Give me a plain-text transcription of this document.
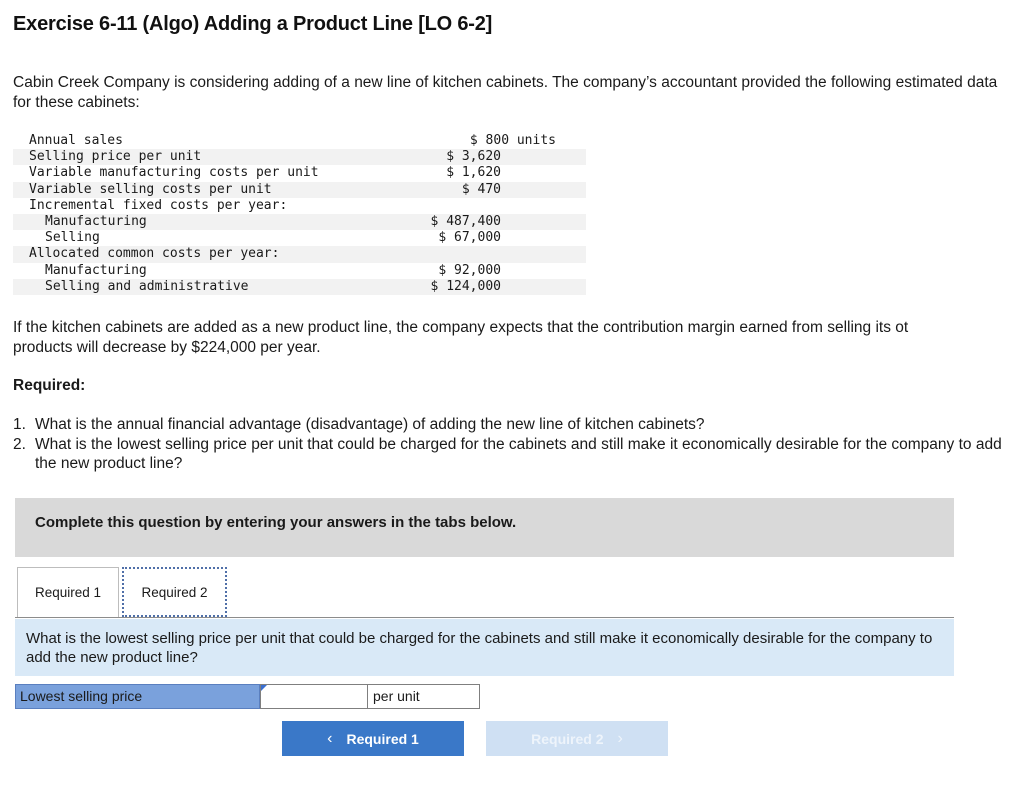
Exercise 6-11 (Algo) Adding a Product Line [LO 6-2]

Cabin Creek Company is considering adding of a new line of kitchen cabinets. The company’s accountant provided the following estimated data for these cabinets:

Annual sales	$ 800 units
Selling price per unit	$ 3,620
Variable manufacturing costs per unit	$ 1,620
Variable selling costs per unit	$ 470
Incremental fixed costs per year:	
Manufacturing	$ 487,400
Selling	$ 67,000
Allocated common costs per year:	
Manufacturing	$ 92,000
Selling and administrative	$ 124,000

If the kitchen cabinets are added as a new product line, the company expects that the contribution margin earned from selling its ot
products will decrease by $224,000 per year.

Required:
1. What is the annual financial advantage (disadvantage) of adding the new line of kitchen cabinets?
2. What is the lowest selling price per unit that could be charged for the cabinets and still make it economically desirable for the company to add the new product line?
Complete this question by entering your answers in the tabs below.
Required 1	Required 2
What is the lowest selling price per unit that could be charged for the cabinets and still make it economically desirable for the company to add the new product line?
Lowest selling price	per unit
‹ Required 1	Required 2 ›
